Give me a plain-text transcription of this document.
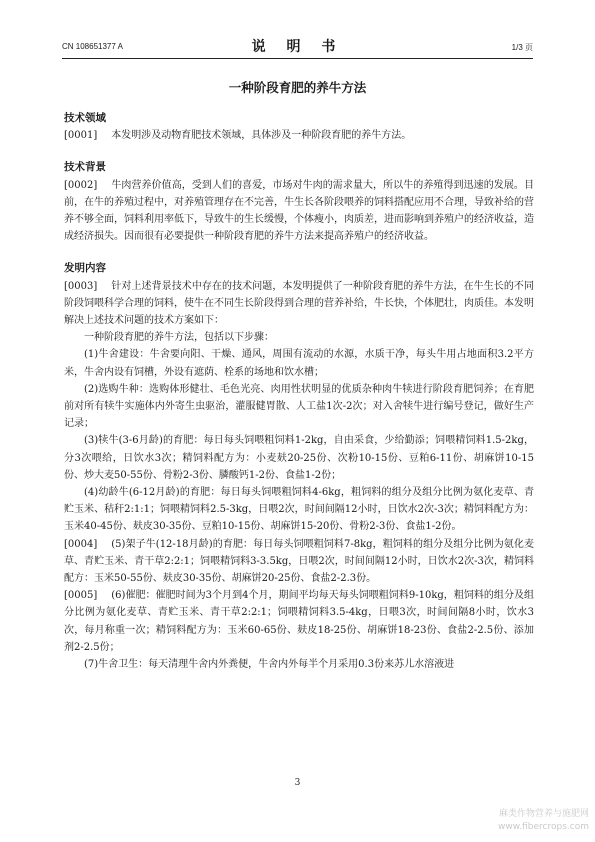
CN 108651377 A	说 明 书	1/3 页
一种阶段育肥的养牛方法

技术领域

[0001] 本发明涉及动物育肥技术领域，具体涉及一种阶段育肥的养牛方法。

技术背景

[0002] 牛肉营养价值高，受到人们的喜爱，市场对牛肉的需求量大，所以牛的养殖得到迅速的发展。目前，在牛的养殖过程中，对养殖管理存在不完善，牛生长各阶段喂养的饲料搭配应用不合理，导致补给的营养不够全面，饲料利用率低下，导致牛的生长缓慢，个体瘦小，肉质差，进而影响到养殖户的经济收益，造成经济损失。因而很有必要提供一种阶段育肥的养牛方法来提高养殖户的经济收益。

发明内容

[0003] 针对上述背景技术中存在的技术问题，本发明提供了一种阶段育肥的养牛方法，在牛生长的不同阶段饲喂科学合理的饲料，使牛在不同生长阶段得到合理的营养补给，牛长快，个体肥壮，肉质佳。本发明解决上述技术问题的技术方案如下：

一种阶段育肥的养牛方法，包括以下步骤：

(1)牛舍建设：牛舍要向阳、干燥、通风，周围有流动的水源，水质干净，每头牛用占地面积3.2平方米，牛舍内设有饲槽，外设有遮荫、栓系的场地和饮水槽；

(2)选购牛种：选购体形健壮、毛色光亮、肉用性状明显的优质杂种肉牛犊进行阶段育肥饲养；在育肥前对所有犊牛实施体内外寄生虫驱治，灌服健胃散、人工盐1次-2次；对入舍犊牛进行编号登记，做好生产记录；

(3)犊牛(3-6月龄)的育肥：每日每头饲喂粗饲料1-2kg，自由采食，少给勤添；饲喂精饲料1.5-2kg，分3次喂给，日饮水3次；精饲料配方为：小麦麸20-25份、次粉10-15份、豆粕6-11份、胡麻饼10-15份、炒大麦50-55份、骨粉2-3份、膦酸钙1-2份、食盐1-2份；

(4)幼龄牛(6-12月龄)的育肥：每日每头饲喂粗饲料4-6kg，粗饲料的组分及组分比例为氨化麦草、青贮玉米、秸秆2:1:1；饲喂精饲料2.5-3kg，日喂2次，时间间隔12小时，日饮水2次-3次；精饲料配方为：玉米40-45份、麸皮30-35份、豆粕10-15份、胡麻饼15-20份、骨粉2-3份、食盐1-2份。

[0004] (5)架子牛(12-18月龄)的育肥：每日每头饲喂粗饲料7-8kg，粗饲料的组分及组分比例为氨化麦草、青贮玉米、青干草2:2:1；饲喂精饲料3-3.5kg，日喂2次，时间间隔12小时，日饮水2次-3次，精饲料配方：玉米50-55份、麸皮30-35份、胡麻饼20-25份、食盐2-2.3份。

[0005] (6)催肥：催肥时间为3个月到4个月，期间平均每天每头饲喂粗饲料9-10kg，粗饲料的组分及组分比例为氨化麦草、青贮玉米、青干草2:2:1；饲喂精饲料3.5-4kg，日喂3次，时间间隔8小时，饮水3次，每月称重一次；精饲料配方为：玉米60-65份、麸皮18-25份、胡麻饼18-23份、食盐2-2.5份、添加剂2-2.5份；

(7)牛舍卫生：每天清理牛舍内外粪便，牛舍内外每半个月采用0.3份来苏儿水溶液进

3
麻类作物营养与施肥网
www.fibercrops.com
